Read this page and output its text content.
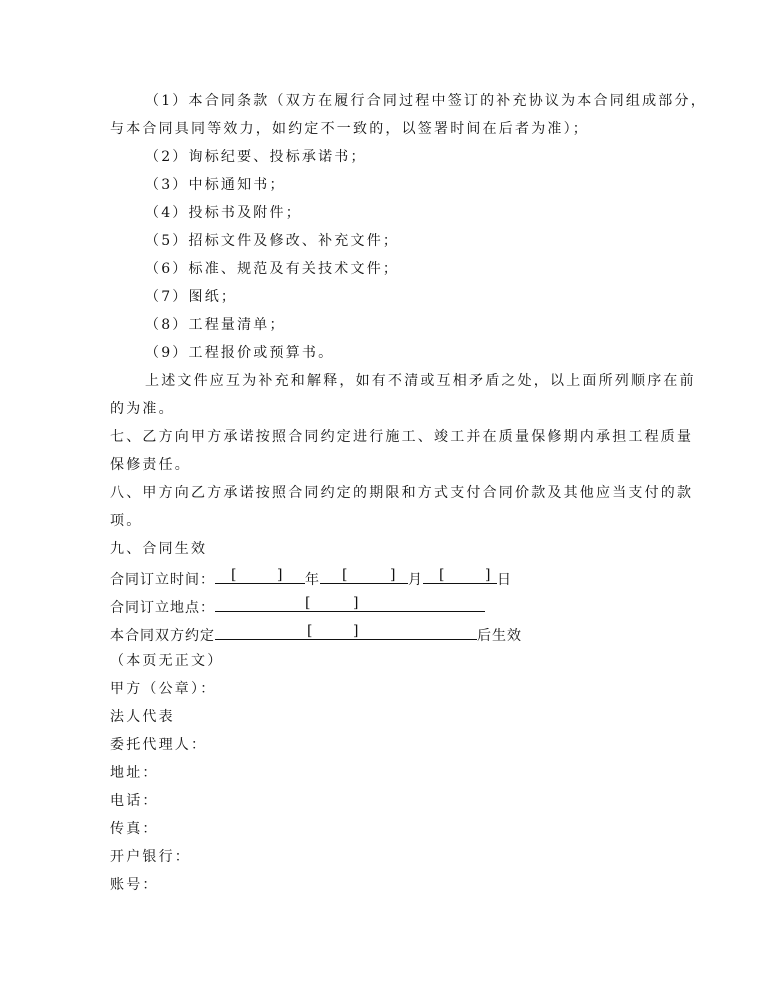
（1）本合同条款（双方在履行合同过程中签订的补充协议为本合同组成部分，
与本合同具同等效力，如约定不一致的，以签署时间在后者为准）；
（2）询标纪要、投标承诺书；
（3）中标通知书；
（4）投标书及附件；
（5）招标文件及修改、补充文件；
（6）标准、规范及有关技术文件；
（7）图纸；
（8）工程量清单；
（9）工程报价或预算书。
上述文件应互为补充和解释，如有不清或互相矛盾之处，以上面所列顺序在前
的为准。
七、乙方向甲方承诺按照合同约定进行施工、竣工并在质量保修期内承担工程质量
保修责任。
八、甲方向乙方承诺按照合同约定的期限和方式支付合同价款及其他应当支付的款
项。
九、合同生效
合同订立时间： [	] 年 [	] 月 [	] 日
合同订立地点：	[	]
本合同双方约定	[	]	后生效
（本页无正文）
甲方（公章）：
法人代表
委托代理人：
地址：
电话：
传真：
开户银行：
账号：
